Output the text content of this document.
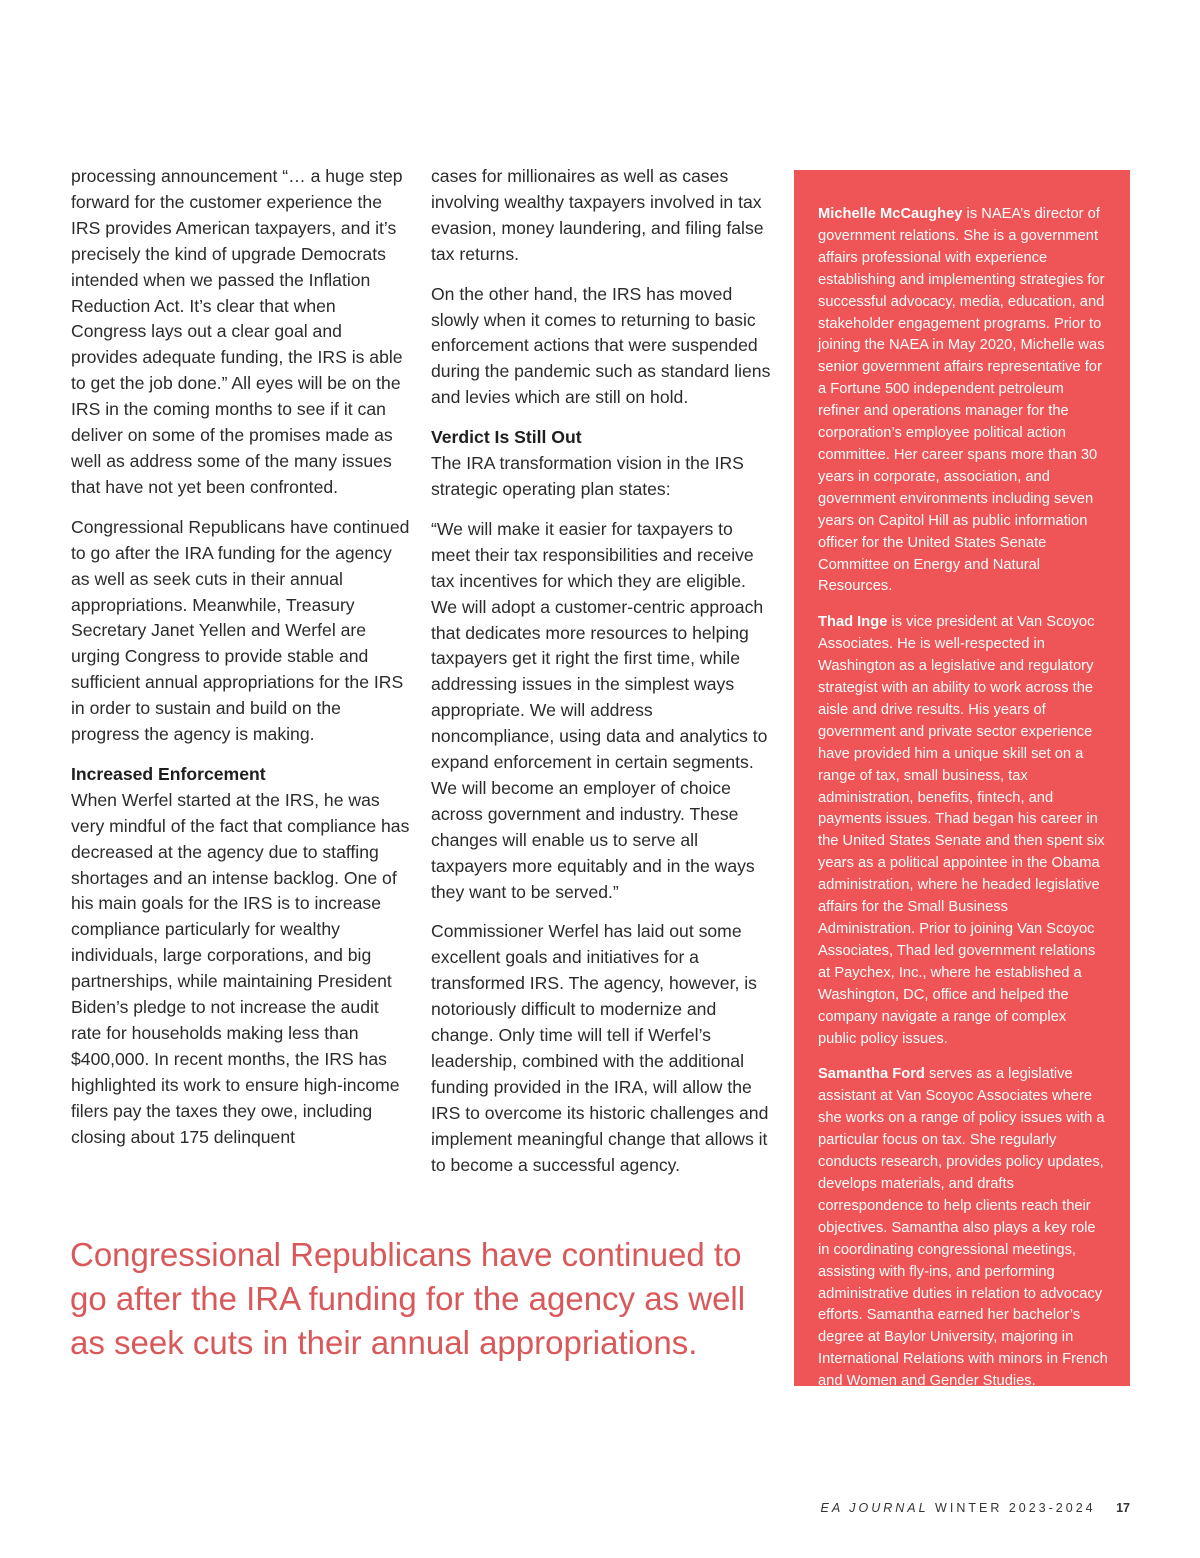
processing announcement “… a huge step forward for the customer experience the IRS provides American taxpayers, and it’s precisely the kind of upgrade Democrats intended when we passed the Inflation Reduction Act. It’s clear that when Congress lays out a clear goal and provides adequate funding, the IRS is able to get the job done.” All eyes will be on the IRS in the coming months to see if it can deliver on some of the promises made as well as address some of the many issues that have not yet been confronted.

Congressional Republicans have continued to go after the IRA funding for the agency as well as seek cuts in their annual appropriations. Meanwhile, Treasury Secretary Janet Yellen and Werfel are urging Congress to provide stable and sufficient annual appropriations for the IRS in order to sustain and build on the progress the agency is making.

Increased Enforcement
When Werfel started at the IRS, he was very mindful of the fact that compliance has decreased at the agency due to staffing shortages and an intense backlog. One of his main goals for the IRS is to increase compliance particularly for wealthy individuals, large corporations, and big partnerships, while maintaining President Biden’s pledge to not increase the audit rate for households making less than $400,000. In recent months, the IRS has highlighted its work to ensure high-income filers pay the taxes they owe, including closing about 175 delinquent

cases for millionaires as well as cases involving wealthy taxpayers involved in tax evasion, money laundering, and filing false tax returns.

On the other hand, the IRS has moved slowly when it comes to returning to basic enforcement actions that were suspended during the pandemic such as standard liens and levies which are still on hold.

Verdict Is Still Out
The IRA transformation vision in the IRS strategic operating plan states:

“We will make it easier for taxpayers to meet their tax responsibilities and receive tax incentives for which they are eligible. We will adopt a customer-centric approach that dedicates more resources to helping taxpayers get it right the first time, while addressing issues in the simplest ways appropriate. We will address noncompliance, using data and analytics to expand enforcement in certain segments. We will become an employer of choice across government and industry. These changes will enable us to serve all taxpayers more equitably and in the ways they want to be served.”

Commissioner Werfel has laid out some excellent goals and initiatives for a transformed IRS. The agency, however, is notoriously difficult to modernize and change. Only time will tell if Werfel’s leadership, combined with the additional funding provided in the IRA, will allow the IRS to overcome its historic challenges and implement meaningful change that allows it to become a successful agency.

Congressional Republicans have continued to go after the IRA funding for the agency as well as seek cuts in their annual appropriations.

Michelle McCaughey is NAEA’s director of government relations. She is a government affairs professional with experience establishing and implementing strategies for successful advocacy, media, education, and stakeholder engagement programs. Prior to joining the NAEA in May 2020, Michelle was senior government affairs representative for a Fortune 500 independent petroleum refiner and operations manager for the corporation’s employee political action committee. Her career spans more than 30 years in corporate, association, and government environments including seven years on Capitol Hill as public information officer for the United States Senate Committee on Energy and Natural Resources.

Thad Inge is vice president at Van Scoyoc Associates. He is well-respected in Washington as a legislative and regulatory strategist with an ability to work across the aisle and drive results. His years of government and private sector experience have provided him a unique skill set on a range of tax, small business, tax administration, benefits, fintech, and payments issues. Thad began his career in the United States Senate and then spent six years as a political appointee in the Obama administration, where he headed legislative affairs for the Small Business Administration. Prior to joining Van Scoyoc Associates, Thad led government relations at Paychex, Inc., where he established a Washington, DC, office and helped the company navigate a range of complex public policy issues.

Samantha Ford serves as a legislative assistant at Van Scoyoc Associates where she works on a range of policy issues with a particular focus on tax. She regularly conducts research, provides policy updates, develops materials, and drafts correspondence to help clients reach their objectives. Samantha also plays a key role in coordinating congressional meetings, assisting with fly-ins, and performing administrative duties in relation to advocacy efforts. Samantha earned her bachelor’s degree at Baylor University, majoring in International Relations with minors in French and Women and Gender Studies.

EA JOURNAL WINTER 2023-2024 17
